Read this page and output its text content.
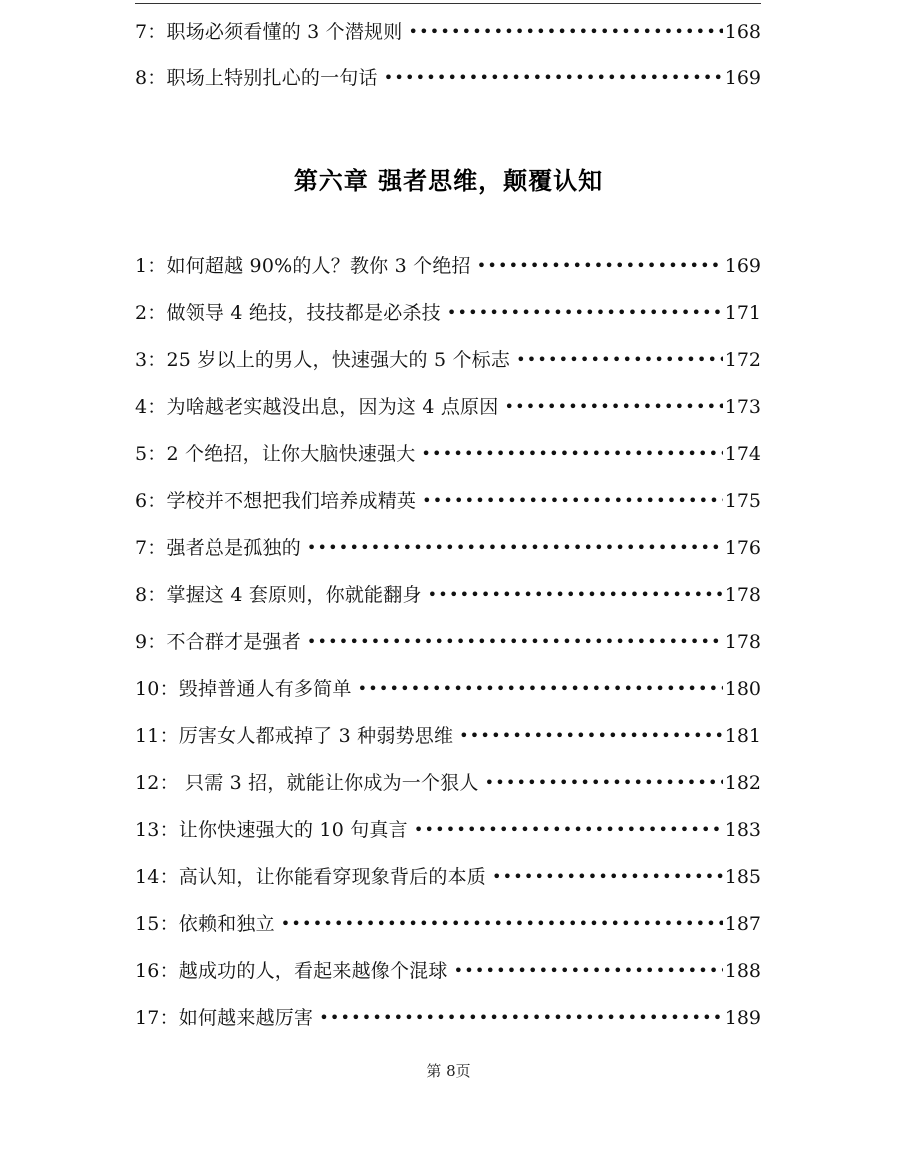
7：职场必须看懂的 3 个潜规则 •••••	168
8：职场上特别扎心的一句话 •••••	169
第六章 强者思维，颠覆认知
1：如何超越 90%的人？教你 3 个绝招 •••••	169
2：做领导 4 绝技，技技都是必杀技 •••••	171
3：25 岁以上的男人，快速强大的 5 个标志 •••••	172
4：为啥越老实越没出息，因为这 4 点原因 •••••	173
5：2 个绝招，让你大脑快速强大 •••••	174
6：学校并不想把我们培养成精英 •••••	175
7：强者总是孤独的 •••••	176
8：掌握这 4 套原则，你就能翻身 •••••	178
9：不合群才是强者 •••••	178
10：毁掉普通人有多简单 •••••	180
11：厉害女人都戒掉了 3 种弱势思维 •••••	181
12： 只需 3 招，就能让你成为一个狠人 •••••	182
13：让你快速强大的 10 句真言 •••••	183
14：高认知，让你能看穿现象背后的本质 •••••	185
15：依赖和独立 •••••	187
16：越成功的人，看起来越像个混球 •••••	188
17：如何越来越厉害 •••••	189
第 8页
